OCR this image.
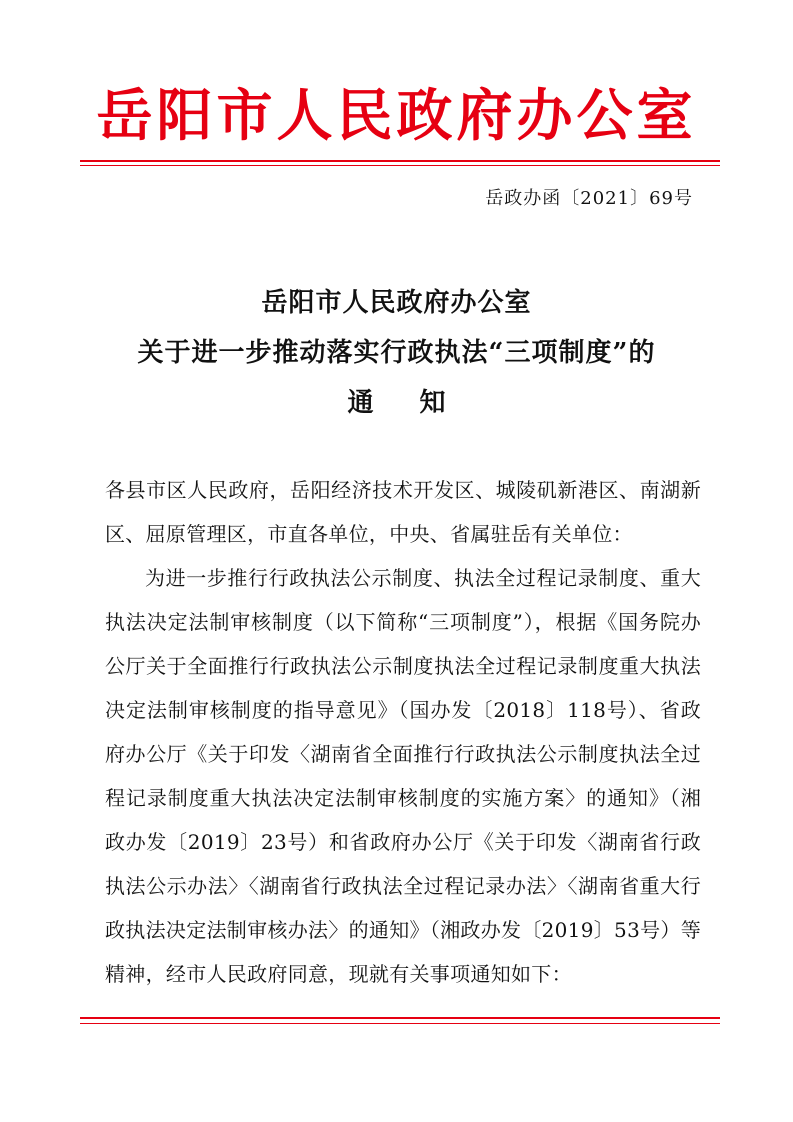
岳阳市人民政府办公室
岳政办函〔2021〕69号
岳阳市人民政府办公室
关于进一步推动落实行政执法“三项制度”的
通知

各县市区人民政府，岳阳经济技术开发区、城陵矶新港区、南湖新区、屈原管理区，市直各单位，中央、省属驻岳有关单位：

为进一步推行行政执法公示制度、执法全过程记录制度、重大执法决定法制审核制度（以下简称“三项制度”），根据《国务院办公厅关于全面推行行政执法公示制度执法全过程记录制度重大执法决定法制审核制度的指导意见》（国办发〔2018〕118号）、省政府办公厅《关于印发〈湖南省全面推行行政执法公示制度执法全过程记录制度重大执法决定法制审核制度的实施方案〉的通知》（湘政办发〔2019〕23号）和省政府办公厅《关于印发〈湖南省行政执法公示办法〉〈湖南省行政执法全过程记录办法〉〈湖南省重大行政执法决定法制审核办法〉的通知》（湘政办发〔2019〕53号）等精神，经市人民政府同意，现就有关事项通知如下：
